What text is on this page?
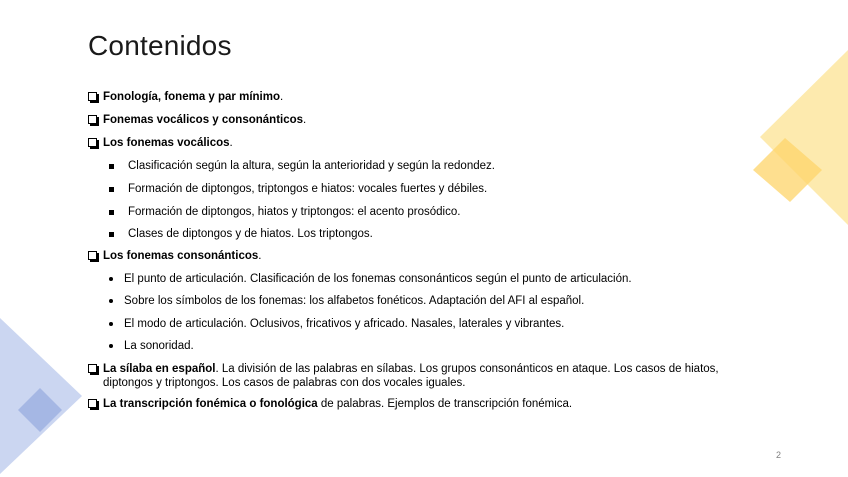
Contenidos
Fonología, fonema y par mínimo.
Fonemas vocálicos y consonánticos.
Los fonemas vocálicos.
Clasificación según la altura, según la anterioridad y según la redondez.
Formación de diptongos, triptongos e hiatos: vocales fuertes y débiles.
Formación de diptongos, hiatos y triptongos: el acento prosódico.
Clases de diptongos y de hiatos. Los triptongos.
Los fonemas consonánticos.
El punto de articulación. Clasificación de los fonemas consonánticos según el punto de articulación.
Sobre los símbolos de los fonemas: los alfabetos fonéticos. Adaptación del AFI al español.
El modo de articulación. Oclusivos, fricativos y africado. Nasales, laterales y vibrantes.
La sonoridad.
La sílaba en español. La división de las palabras en sílabas. Los grupos consonánticos en ataque. Los casos de hiatos, diptongos y triptongos. Los casos de palabras con dos vocales iguales.
La transcripción fonémica o fonológica de palabras. Ejemplos de transcripción fonémica.
2
